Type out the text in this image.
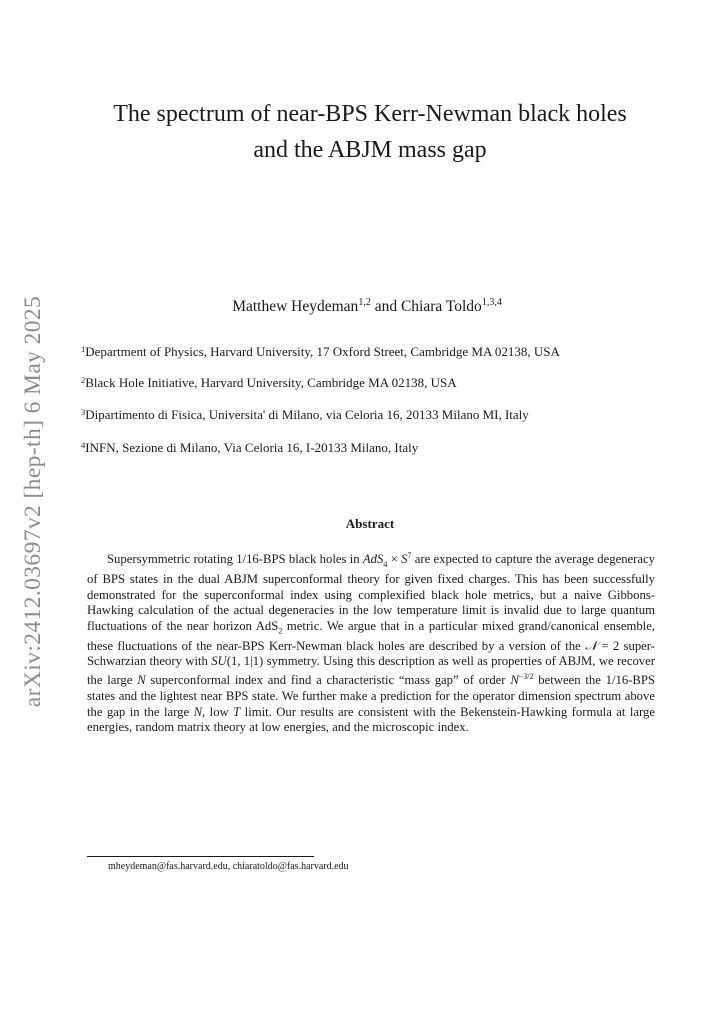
arXiv:2412.03697v2 [hep-th] 6 May 2025
The spectrum of near-BPS Kerr-Newman black holes
and the ABJM mass gap
Matthew Heydeman$^{1,2}$ and Chiara Toldo$^{1,3,4}$
$^1$Department of Physics, Harvard University, 17 Oxford Street, Cambridge MA 02138, USA
$^2$Black Hole Initiative, Harvard University, Cambridge MA 02138, USA
$^3$Dipartimento di Fisica, Universita' di Milano, via Celoria 16, 20133 Milano MI, Italy
$^4$INFN, Sezione di Milano, Via Celoria 16, I-20133 Milano, Italy
Abstract

Supersymmetric rotating 1/16-BPS black holes in $AdS_4 \times S^7$ are expected to capture the average degeneracy of BPS states in the dual ABJM superconformal theory for given fixed charges. This has been successfully demonstrated for the superconformal index using complexified black hole metrics, but a naive Gibbons-Hawking calculation of the actual degeneracies in the low temperature limit is invalid due to large quantum fluctuations of the near horizon AdS$_2$ metric. We argue that in a particular mixed grand/canonical ensemble, these fluctuations of the near-BPS Kerr-Newman black holes are described by a version of the 𝒩 = 2 super-Schwarzian theory with SU(1, 1|1) symmetry. Using this description as well as properties of ABJM, we recover the large N superconformal index and find a characteristic “mass gap” of order $N^{-3/2}$ between the 1/16-BPS states and the lightest near BPS state. We further make a prediction for the operator dimension spectrum above the gap in the large N, low T limit. Our results are consistent with the Bekenstein-Hawking formula at large energies, random matrix theory at low energies, and the microscopic index.

mheydeman@fas.harvard.edu, chiaratoldo@fas.harvard.edu
